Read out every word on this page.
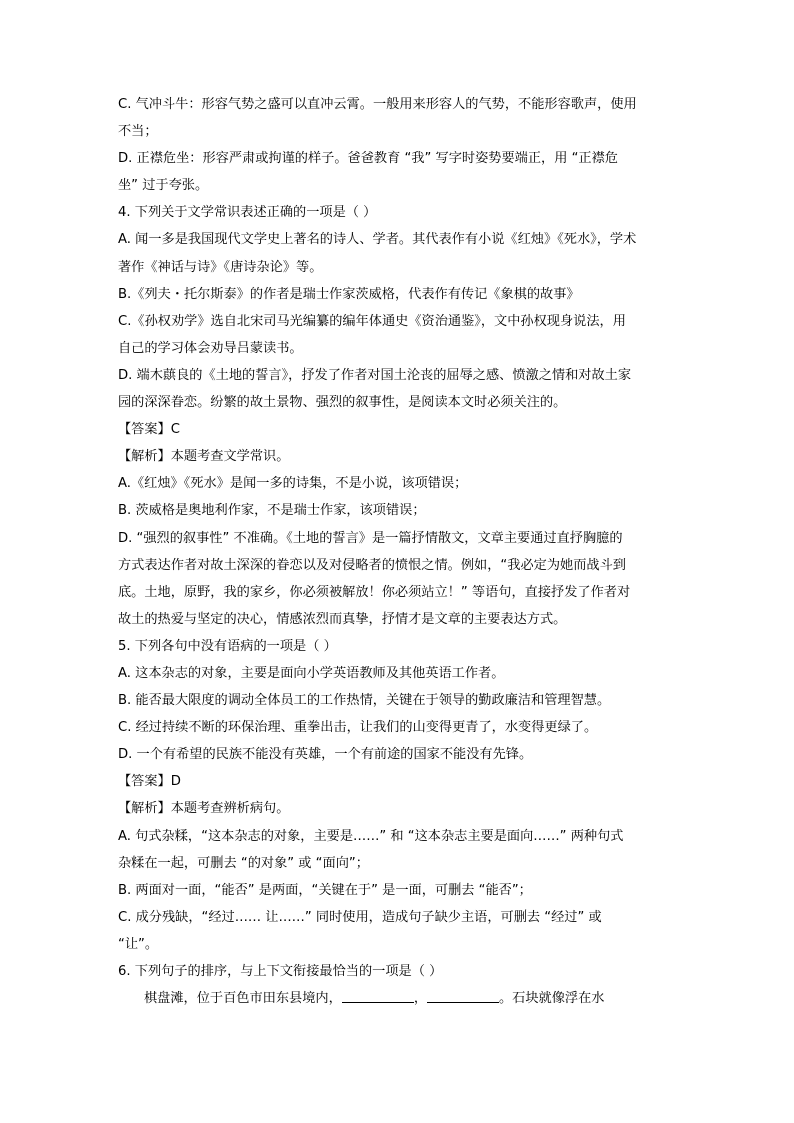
C. 气冲斗牛：形容气势之盛可以直冲云霄。一般用来形容人的气势，不能形容歌声，使用
不当；
D. 正襟危坐：形容严肃或拘谨的样子。爸爸教育 “我” 写字时姿势要端正，用 “正襟危
坐” 过于夸张。
4. 下列关于文学常识表述正确的一项是（ ）
A. 闻一多是我国现代文学史上著名的诗人、学者。其代表作有小说《红烛》《死水》，学术
著作《神话与诗》《唐诗杂论》等。
B.《列夫・托尔斯泰》的作者是瑞士作家茨威格，代表作有传记《象棋的故事》
C.《孙权劝学》选自北宋司马光编纂的编年体通史《资治通鉴》，文中孙权现身说法，用
自己的学习体会劝导吕蒙读书。
D. 端木蕻良的《土地的誓言》，抒发了作者对国土沦丧的屈辱之感、愤激之情和对故土家
园的深深眷恋。纷繁的故土景物、强烈的叙事性，是阅读本文时必须关注的。
【答案】C
【解析】本题考查文学常识。
A.《红烛》《死水》是闻一多的诗集，不是小说，该项错误；
B. 茨威格是奥地利作家，不是瑞士作家，该项错误；
D. “强烈的叙事性” 不准确。《土地的誓言》是一篇抒情散文，文章主要通过直抒胸臆的
方式表达作者对故土深深的眷恋以及对侵略者的愤恨之情。例如，“我必定为她而战斗到
底。土地，原野，我的家乡，你必须被解放！你必须站立！” 等语句，直接抒发了作者对
故土的热爱与坚定的决心，情感浓烈而真挚，抒情才是文章的主要表达方式。
5. 下列各句中没有语病的一项是（ ）
A. 这本杂志的对象，主要是面向小学英语教师及其他英语工作者。
B. 能否最大限度的调动全体员工的工作热情，关键在于领导的勤政廉洁和管理智慧。
C. 经过持续不断的环保治理、重拳出击，让我们的山变得更青了，水变得更绿了。
D. 一个有希望的民族不能没有英雄，一个有前途的国家不能没有先锋。
【答案】D
【解析】本题考查辨析病句。
A. 句式杂糅，“这本杂志的对象，主要是……” 和 “这本杂志主要是面向……” 两种句式
杂糅在一起，可删去 “的对象” 或 “面向”；
B. 两面对一面，“能否” 是两面，“关键在于” 是一面，可删去 “能否”；
C. 成分残缺，“经过…… 让……” 同时使用，造成句子缺少主语，可删去 “经过” 或
“让”。
6. 下列句子的排序，与上下文衔接最恰当的一项是（ ）
棋盘滩，位于百色市田东县境内，	，	。石块就像浮在水
